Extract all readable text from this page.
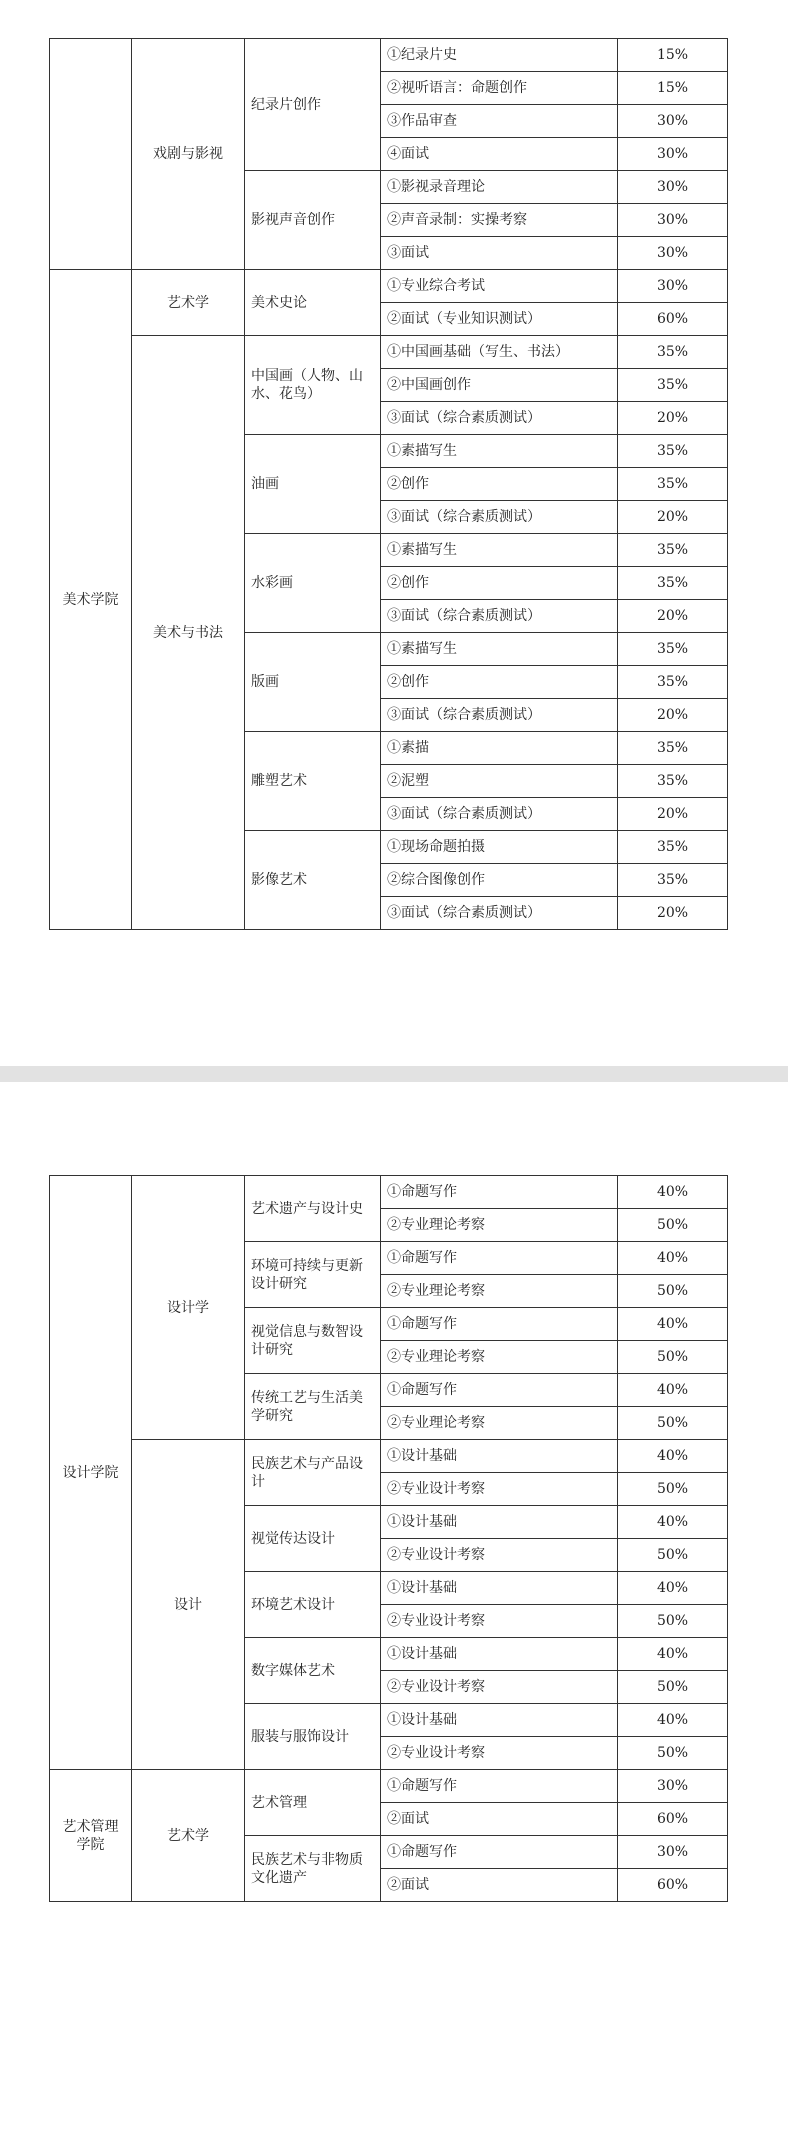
	戏剧与影视	纪录片创作	①纪录片史	15%
			②视听语言：命题创作	15%
			③作品审查	30%
			④面试	30%
		影视声音创作	①影视录音理论	30%
			②声音录制：实操考察	30%
			③面试	30%
美术学院	艺术学	美术史论	①专业综合考试	30%
			②面试（专业知识测试）	60%
	美术与书法	中国画（人物、山水、花鸟）	①中国画基础（写生、书法）	35%
			②中国画创作	35%
			③面试（综合素质测试）	20%
		油画	①素描写生	35%
			②创作	35%
			③面试（综合素质测试）	20%
		水彩画	①素描写生	35%
			②创作	35%
			③面试（综合素质测试）	20%
		版画	①素描写生	35%
			②创作	35%
			③面试（综合素质测试）	20%
		雕塑艺术	①素描	35%
			②泥塑	35%
			③面试（综合素质测试）	20%
		影像艺术	①现场命题拍摄	35%
			②综合图像创作	35%
			③面试（综合素质测试）	20%
设计学院	设计学	艺术遗产与设计史	①命题写作	40%
			②专业理论考察	50%
		环境可持续与更新设计研究	①命题写作	40%
			②专业理论考察	50%
		视觉信息与数智设计研究	①命题写作	40%
			②专业理论考察	50%
		传统工艺与生活美学研究	①命题写作	40%
			②专业理论考察	50%
	设计	民族艺术与产品设计	①设计基础	40%
			②专业设计考察	50%
		视觉传达设计	①设计基础	40%
			②专业设计考察	50%
		环境艺术设计	①设计基础	40%
			②专业设计考察	50%
		数字媒体艺术	①设计基础	40%
			②专业设计考察	50%
		服装与服饰设计	①设计基础	40%
			②专业设计考察	50%
艺术管理学院	艺术学	艺术管理	①命题写作	30%
			②面试	60%
		民族艺术与非物质文化遗产	①命题写作	30%
			②面试	60%
